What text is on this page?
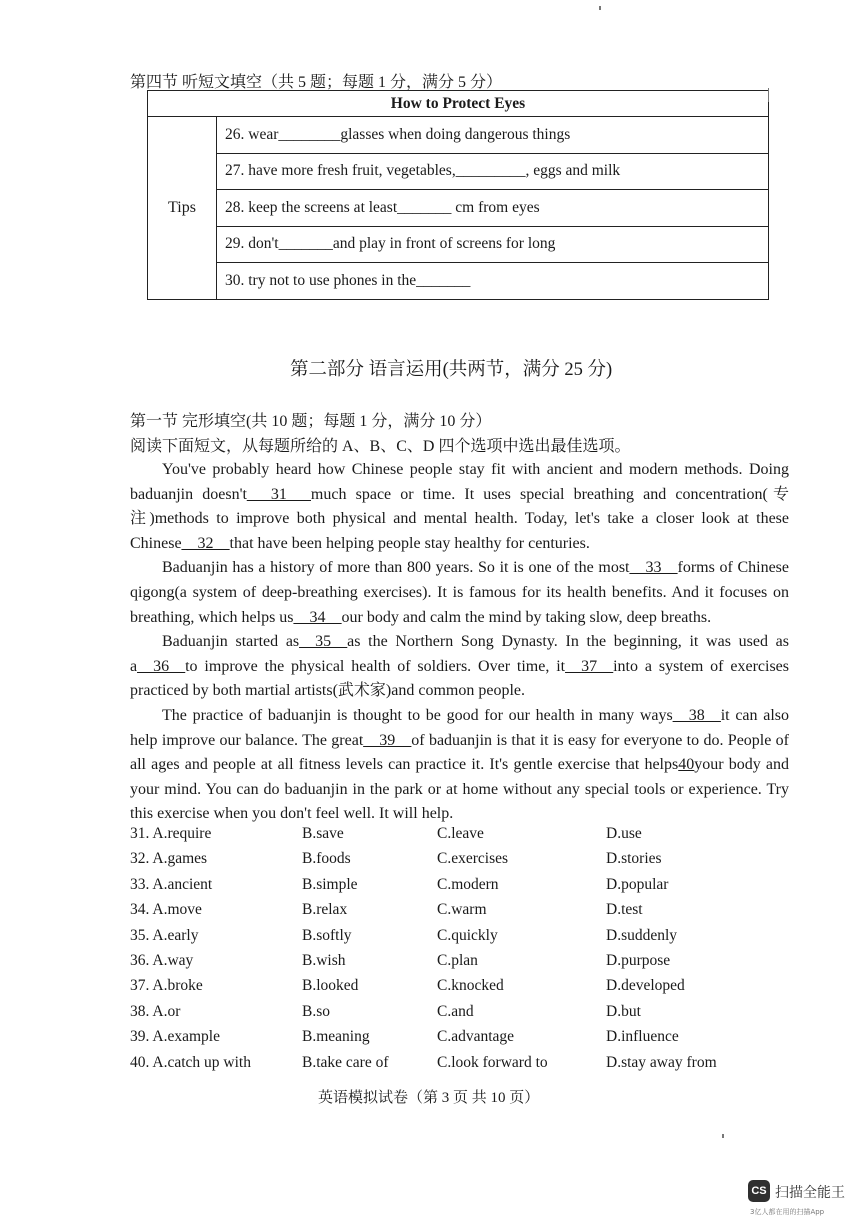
第四节 听短文填空（共 5 题；每题 1 分，满分 5 分）
How to Protect Eyes
Tips	26. wear________glasses when doing dangerous things
27. have more fresh fruit, vegetables,_________, eggs and milk
28. keep the screens at least_______ cm from eyes
29. don't_______and play in front of screens for long
30. try not to use phones in the_______
第二部分 语言运用(共两节，满分 25 分)
第一节 完形填空(共 10 题；每题 1 分，满分 10 分）
阅读下面短文，从每题所给的 A、B、C、D 四个选项中选出最佳选项。

You've probably heard how Chinese people stay fit with ancient and modern methods. Doing baduanjin doesn't___31___much space or time. It uses special breathing and concentration(专注)methods to improve both physical and mental health. Today, let's take a closer look at these Chinese__32__that have been helping people stay healthy for centuries.

Baduanjin has a history of more than 800 years. So it is one of the most__33__forms of Chinese qigong(a system of deep-breathing exercises). It is famous for its health benefits. And it focuses on breathing, which helps us__34__our body and calm the mind by taking slow, deep breaths.

Baduanjin started as__35__as the Northern Song Dynasty. In the beginning, it was used as a__36__to improve the physical health of soldiers. Over time, it__37__into a system of exercises practiced by both martial artists(武术家)and common people.

The practice of baduanjin is thought to be good for our health in many ways__38__it can also help improve our balance. The great__39__of baduanjin is that it is easy for everyone to do. People of all ages and people at all fitness levels can practice it. It's gentle exercise that helps40your body and your mind. You can do baduanjin in the park or at home without any special tools or experience. Try this exercise when you don't feel well. It will help.

31. A.require	B.save	C.leave	D.use
32. A.games	B.foods	C.exercises	D.stories
33. A.ancient	B.simple	C.modern	D.popular
34. A.move	B.relax	C.warm	D.test
35. A.early	B.softly	C.quickly	D.suddenly
36. A.way	B.wish	C.plan	D.purpose
37. A.broke	B.looked	C.knocked	D.developed
38. A.or	B.so	C.and	D.but
39. A.example	B.meaning	C.advantage	D.influence
40. A.catch up with	B.take care of	C.look forward to	D.stay away from
英语模拟试卷（第 3 页 共 10 页）
CS 扫描全能王
3亿人都在用的扫描App
